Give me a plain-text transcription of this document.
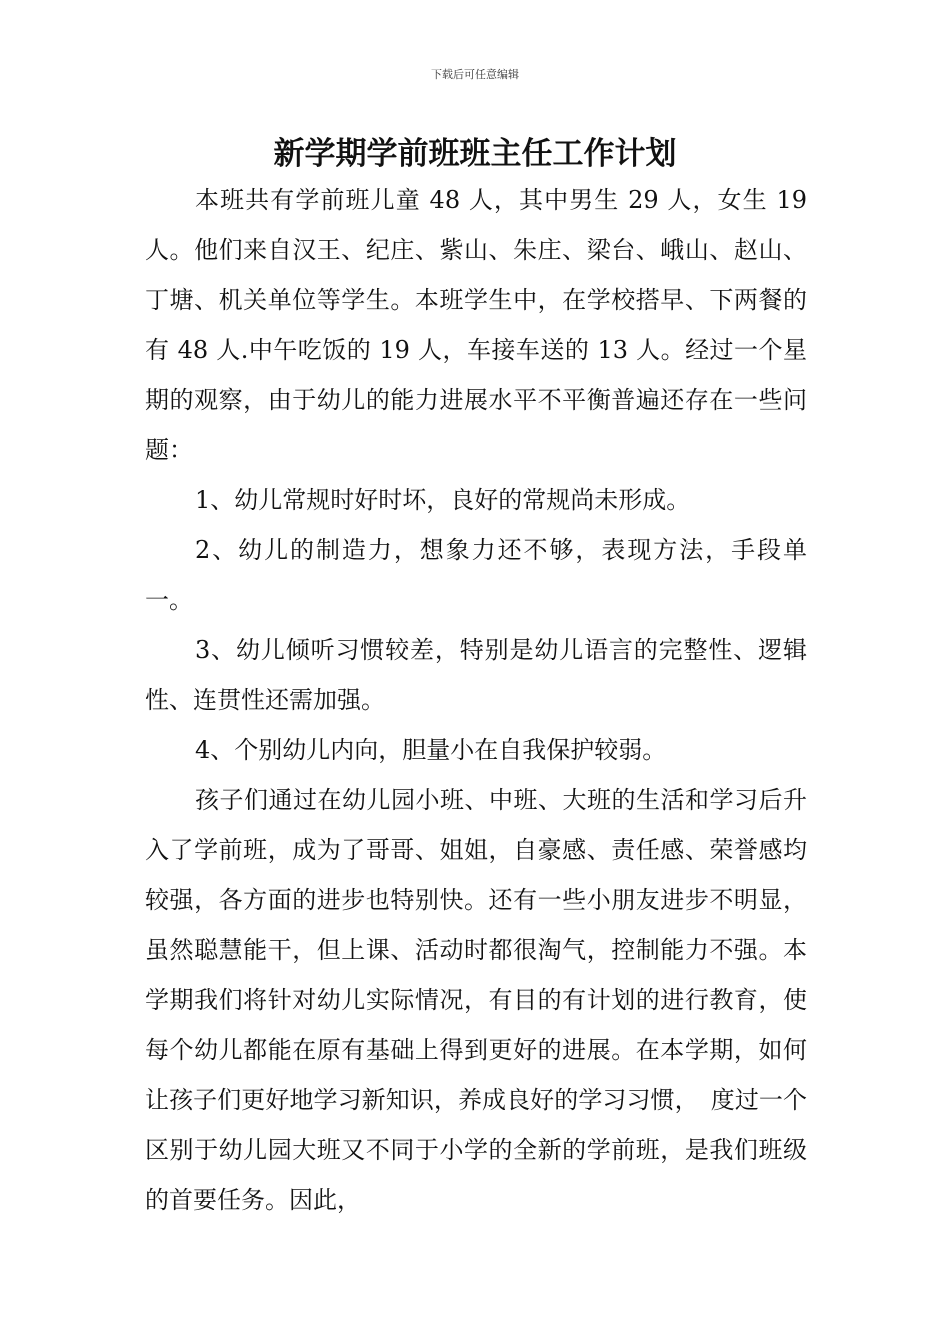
下载后可任意编辑
新学期学前班班主任工作计划

本班共有学前班儿童 48 人，其中男生 29 人，女生 19 人。他们来自汉王、纪庄、紫山、朱庄、梁台、峨山、赵山、丁塘、机关单位等学生。本班学生中，在学校搭早、下两餐的有 48 人.中午吃饭的 19 人，车接车送的 13 人。经过一个星期的观察，由于幼儿的能力进展水平不平衡普遍还存在一些问题：

1、幼儿常规时好时坏，良好的常规尚未形成。

2、幼儿的制造力，想象力还不够，表现方法，手段单一。

3、幼儿倾听习惯较差，特别是幼儿语言的完整性、逻辑性、连贯性还需加强。

4、个别幼儿内向，胆量小在自我保护较弱。

孩子们通过在幼儿园小班、中班、大班的生活和学习后升入了学前班，成为了哥哥、姐姐，自豪感、责任感、荣誉感均较强，各方面的进步也特别快。还有一些小朋友进步不明显，虽然聪慧能干，但上课、活动时都很淘气，控制能力不强。本学期我们将针对幼儿实际情况，有目的有计划的进行教育，使每个幼儿都能在原有基础上得到更好的进展。在本学期，如何让孩子们更好地学习新知识，养成良好的学习习惯，　度过一个区别于幼儿园大班又不同于小学的全新的学前班，是我们班级的首要任务。因此，
